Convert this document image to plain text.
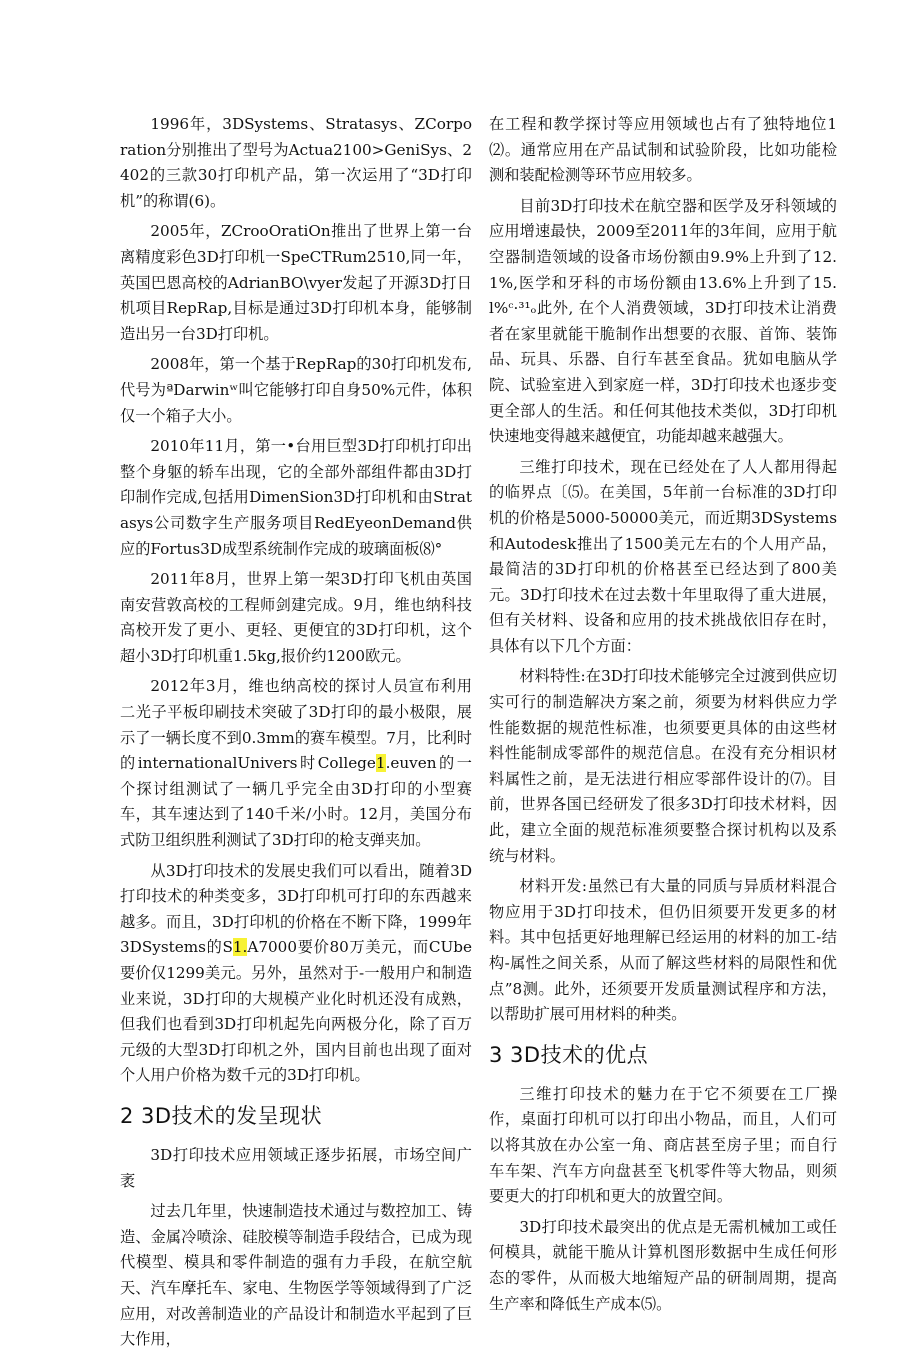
1996年，3DSystems、Stratasys、ZCorporation分别推出了型号为Actua2100>GeniSys、2402的三款30打印机产品，第一次运用了“3D打印机”的称谓(6)。

2005年，ZCrooOratiOn推出了世界上第一台离精度彩色3D打印机一SpeCTRum2510,同一年，英国巴恩高校的AdrianBO\vyer发起了开源3D打日机项目RepRap,目标是通过3D打印机本身，能够制造出另一台3D打印机。

2008年，第一个基于RepRap的30打印机发布,代号为ªDarwinʷ叫它能够打印自身50%元件，体积仅一个箱子大小。

2010年11月，第一•台用巨型3D打印机打印出整个身躯的轿车出现，它的全部外部组件都由3D打印制作完成,包括用DimenSion3D打印机和由Stratasys公司数字生产服务项目RedEyeonDemand供应的Fortus3D成型系统制作完成的玻璃面板⑻°

2011年8月，世界上第一架3D打印飞机由英国南安营敦高校的工程师剑建完成。9月，维也纳科技高校开发了更小、更轻、更便宜的3D打印机，这个超小3D打印机重1.5kg,报价约1200欧元。

2012年3月，维也纳高校的探讨人员宣布利用二光子平板印刷技术突破了3D打印的最小极限，展示了一辆长度不到0.3mm的赛车模型。7月，比利时的internationalUnivers时College1.euven的一个探讨组测试了一辆几乎完全由3D打印的小型赛车，其车速达到了140千米/小时。12月，美国分布式防卫组织胜利测试了3D打印的枪支弹夹加。

从3D打印技术的发展史我们可以看出，随着3D打印技术的种类变多，3D打印机可打印的东西越来越多。而且，3D打印机的价格在不断下降，1999年3DSystems的S1.A7000要价80万美元，而CUbe要价仅1299美元。另外，虽然对于-一般用户和制造业来说，3D打印的大规模产业化时机还没有成熟，但我们也看到3D打印机起先向两极分化，除了百万元级的大型3D打印机之外，国内目前也出现了面对个人用户价格为数千元的3D打印机。

2 3D技术的发呈现状

3D打印技术应用领域正逐步拓展，市场空间广袤

过去几年里，快速制造技术通过与数控加工、铸造、金属冷喷涂、硅胶模等制造手段结合，已成为现代模型、模具和零件制造的强有力手段，在航空航天、汽车摩托车、家电、生物医学等领域得到了广泛应用，对改善制造业的产品设计和制造水平起到了巨大作用，

在工程和教学探讨等应用领域也占有了独特地位1⑵。通常应用在产品试制和试验阶段，比如功能检测和装配检测等环节应用较多。

目前3D打印技术在航空器和医学及牙科领域的应用增速最快，2009至2011年的3年间，应用于航空器制造领域的设备市场份额由9.9%上升到了12.1%,医学和牙科的市场份额由13.6%上升到了15.l%ᶜ·³¹ₒ此外, 在个人消费领域，3D打印技术让消费者在家里就能干脆制作出想要的衣服、首饰、装饰品、玩具、乐器、自行车甚至食品。犹如电脑从学院、试验室进入到家庭一样，3D打印技术也逐步变更全部人的生活。和任何其他技术类似，3D打印机快速地变得越来越便宜，功能却越来越强大。

三维打印技术，现在已经处在了人人都用得起的临界点〔⑸。在美国，5年前一台标准的3D打印机的价格是5000-50000美元，而近期3DSystems和Autodesk推出了1500美元左右的个人用产品，最简洁的3D打印机的价格甚至已经达到了800美元。3D打印技术在过去数十年里取得了重大进展，但有关材料、设备和应用的技术挑战依旧存在时，具体有以下几个方面：

材料特性:在3D打印技术能够完全过渡到供应切实可行的制造解决方案之前，须要为材料供应力学性能数据的规范性标准，也须要更具体的由这些材料性能制成零部件的规范信息。在没有充分相识材料属性之前，是无法进行相应零部件设计的⑺。目前，世界各国已经研发了很多3D打印技术材料，因此，建立全面的规范标准须要整合探讨机构以及系统与材料。

材料开发:虽然已有大量的同质与异质材料混合物应用于3D打印技术，但仍旧须要开发更多的材料。其中包括更好地理解已经运用的材料的加工-结构-属性之间关系，从而了解这些材料的局限性和优点”8测。此外，还须要开发质量测试程序和方法，以帮助扩展可用材料的种类。

3 3D技术的优点

三维打印技术的魅力在于它不须要在工厂操作，桌面打印机可以打印出小物品，而且，人们可以将其放在办公室一角、商店甚至房子里；而自行车车架、汽车方向盘甚至飞机零件等大物品，则须要更大的打印机和更大的放置空间。

3D打印技术最突出的优点是无需机械加工或任何模具，就能干脆从计算机图形数据中生成任何形态的零件，从而极大地缩短产品的研制周期，提高生产率和降低生产成本⑸。
